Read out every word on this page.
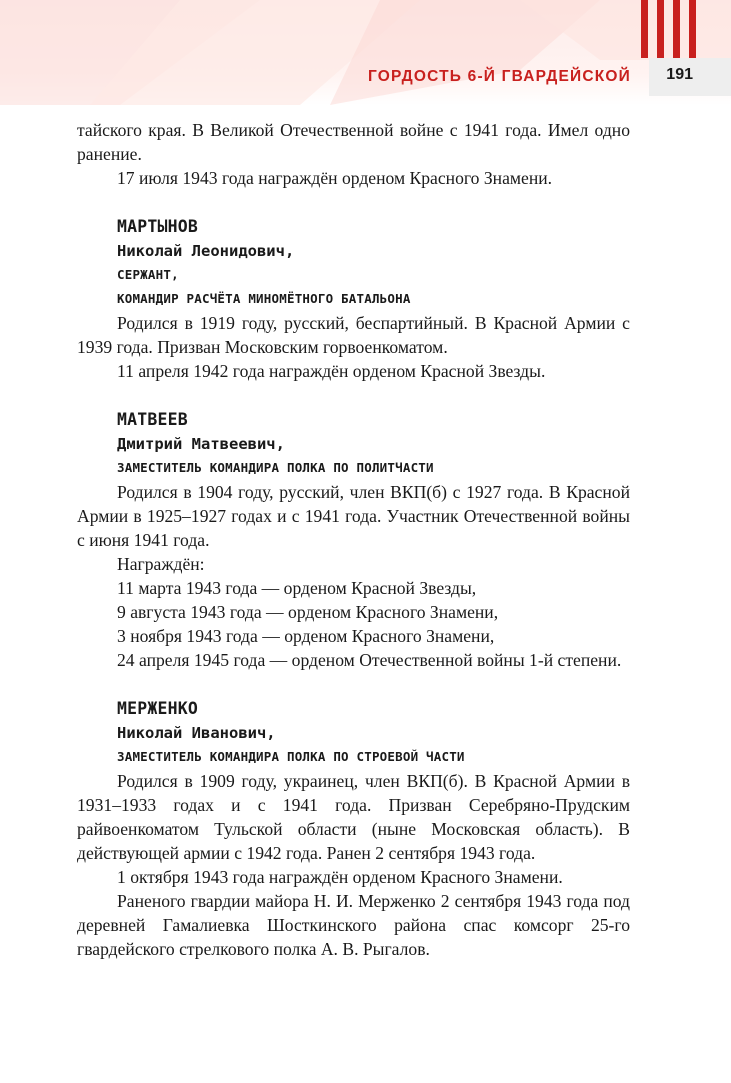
ГОРДОСТЬ 6-Й ГВАРДЕЙСКОЙ 191

тайского края. В Великой Отечественной войне с 1941 года. Имел одно ранение.

17 июля 1943 года награждён орденом Красного Знамени.

МАРТЫНОВ
Николай Леонидович,
СЕРЖАНТ,
КОМАНДИР РАСЧЁТА МИНОМЁТНОГО БАТАЛЬОНА

Родился в 1919 году, русский, беспартийный. В Красной Армии с 1939 года. Призван Московским горвоенкоматом.

11 апреля 1942 года награждён орденом Красной Звезды.

МАТВЕЕВ
Дмитрий Матвеевич,
ЗАМЕСТИТЕЛЬ КОМАНДИРА ПОЛКА ПО ПОЛИТЧАСТИ

Родился в 1904 году, русский, член ВКП(б) с 1927 года. В Красной Армии в 1925–1927 годах и с 1941 года. Участник Отечественной войны с июня 1941 года.

Награждён:
11 марта 1943 года — орденом Красной Звезды,
9 августа 1943 года — орденом Красного Знамени,
3 ноября 1943 года — орденом Красного Знамени,

24 апреля 1945 года — орденом Отечественной войны 1-й степени.

МЕРЖЕНКО
Николай Иванович,
ЗАМЕСТИТЕЛЬ КОМАНДИРА ПОЛКА ПО СТРОЕВОЙ ЧАСТИ

Родился в 1909 году, украинец, член ВКП(б). В Красной Армии в 1931–1933 годах и с 1941 года. Призван Серебряно-Прудским райвоенкоматом Тульской области (ныне Московская область). В действующей армии с 1942 года. Ранен 2 сентября 1943 года.

1 октября 1943 года награждён орденом Красного Знамени.

Раненого гвардии майора Н. И. Мерженко 2 сентября 1943 года под деревней Гамалиевка Шосткинского района спас комсорг 25-го гвардейского стрелкового полка А. В. Рыгалов.
